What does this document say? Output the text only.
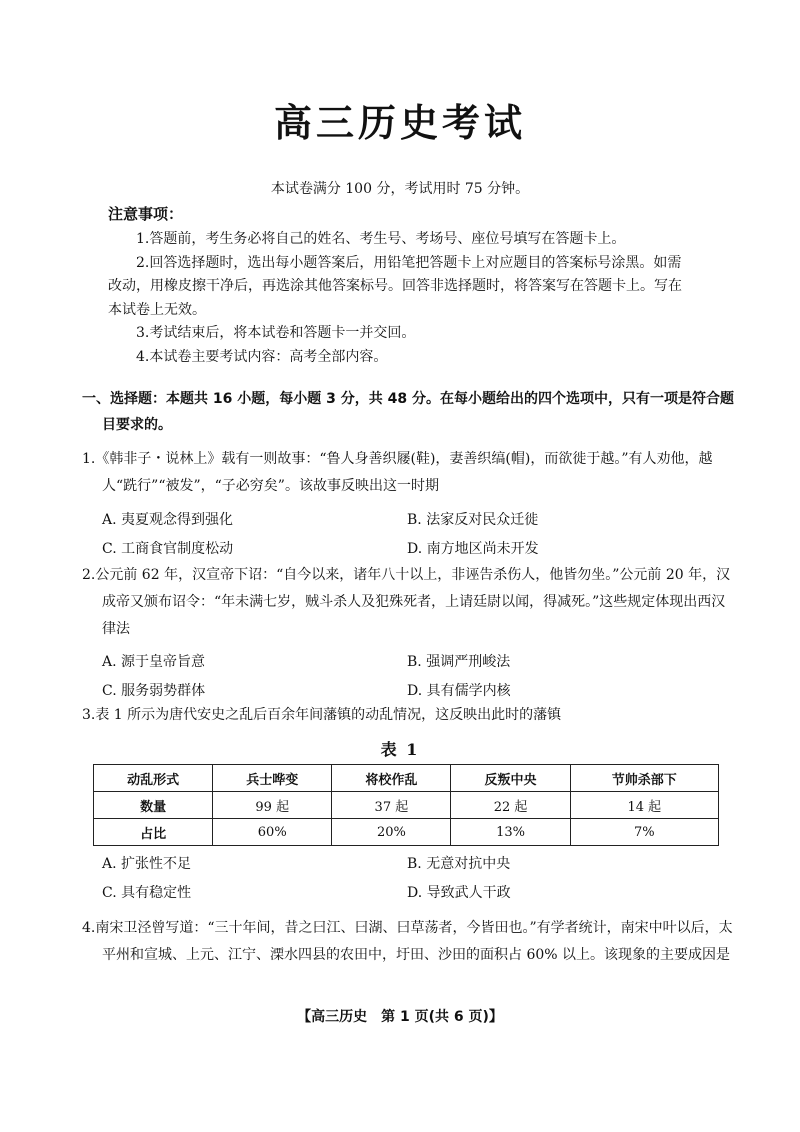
高三历史考试
本试卷满分 100 分，考试用时 75 分钟。
注意事项：

1.答题前，考生务必将自己的姓名、考生号、考场号、座位号填写在答题卡上。

2.回答选择题时，选出每小题答案后，用铅笔把答题卡上对应题目的答案标号涂黑。如需改动，用橡皮擦干净后，再选涂其他答案标号。回答非选择题时，将答案写在答题卡上。写在本试卷上无效。

3.考试结束后，将本试卷和答题卡一并交回。

4.本试卷主要考试内容：高考全部内容。

一、选择题：本题共 16 小题，每小题 3 分，共 48 分。在每小题给出的四个选项中，只有一项是符合题目要求的。

1.《韩非子・说林上》载有一则故事：“鲁人身善织屦(鞋)，妻善织缟(帽)，而欲徙于越。”有人劝他，越人“跣行”“被发”，“子必穷矣”。该故事反映出这一时期

A. 夷夏观念得到强化	B. 法家反对民众迁徙
C. 工商食官制度松动	D. 南方地区尚未开发

2.公元前 62 年，汉宣帝下诏：“自今以来，诸年八十以上，非诬告杀伤人，他皆勿坐。”公元前 20 年，汉成帝又颁布诏令：“年未满七岁，贼斗杀人及犯殊死者，上请廷尉以闻，得减死。”这些规定体现出西汉律法

A. 源于皇帝旨意	B. 强调严刑峻法
C. 服务弱势群体	D. 具有儒学内核

3.表 1 所示为唐代安史之乱后百余年间藩镇的动乱情况，这反映出此时的藩镇

表 1
动乱形式	兵士哗变	将校作乱	反叛中央	节帅杀部下
数量	99 起	37 起	22 起	14 起
占比	60%	20%	13%	7%
A. 扩张性不足	B. 无意对抗中央
C. 具有稳定性	D. 导致武人干政

4.南宋卫泾曾写道：“三十年间，昔之曰江、曰湖、曰草荡者，今皆田也。”有学者统计，南宋中叶以后，太平州和宣城、上元、江宁、溧水四县的农田中，圩田、沙田的面积占 60% 以上。该现象的主要成因是

【高三历史　第 1 页(共 6 页)】
